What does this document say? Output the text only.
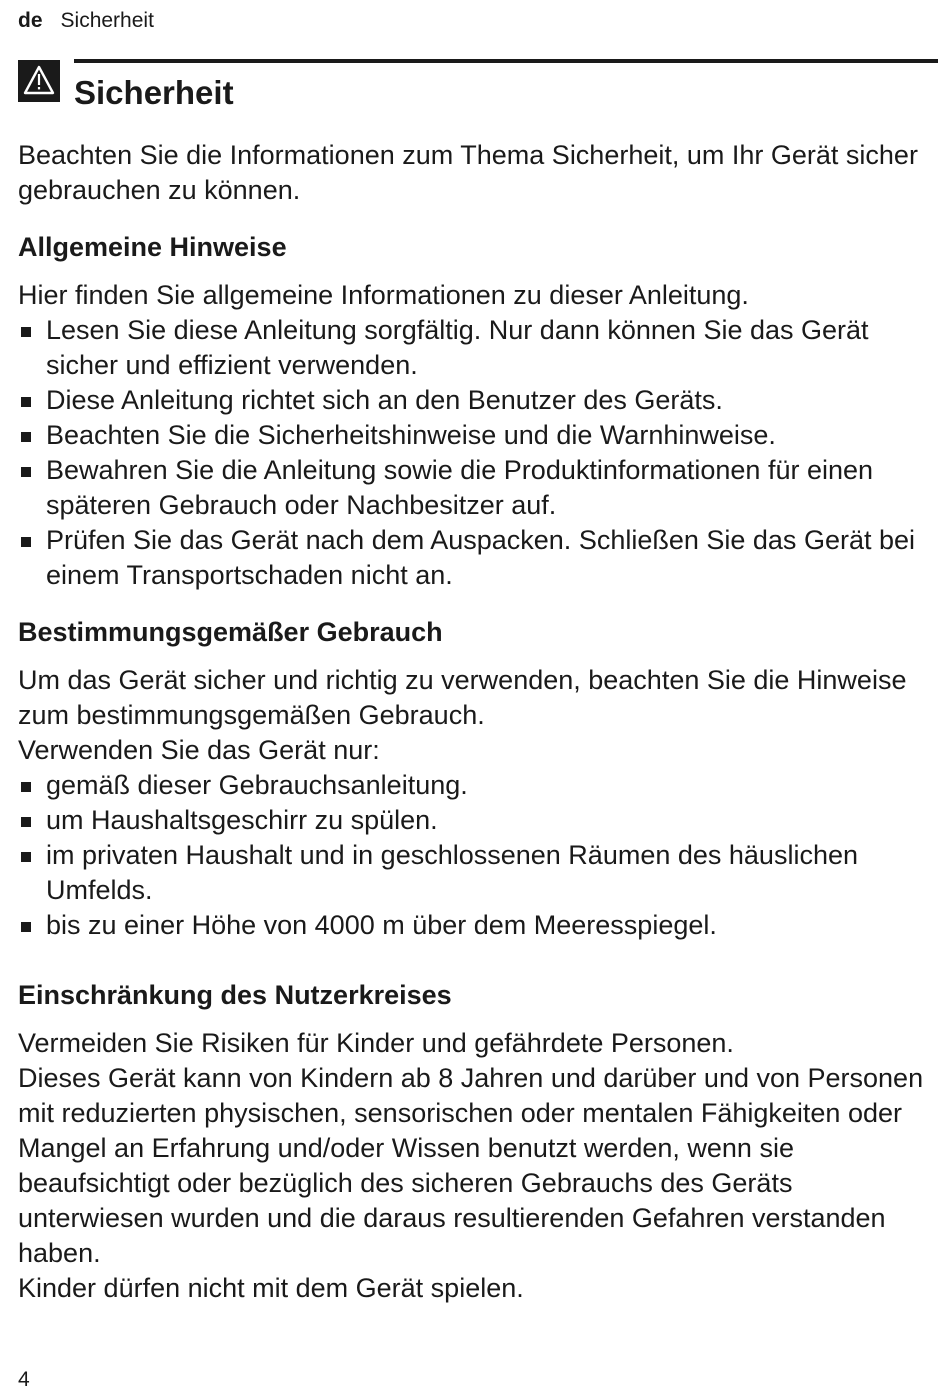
de Sicherheit
Sicherheit

Beachten Sie die Informationen zum Thema Sicherheit, um Ihr Gerät sicher gebrauchen zu können.

Allgemeine Hinweise

Hier finden Sie allgemeine Informationen zu dieser Anleitung.

Lesen Sie diese Anleitung sorgfältig. Nur dann können Sie das Gerät sicher und effizient verwenden.
Diese Anleitung richtet sich an den Benutzer des Geräts.
Beachten Sie die Sicherheitshinweise und die Warnhinweise.
Bewahren Sie die Anleitung sowie die Produktinformationen für einen späteren Gebrauch oder Nachbesitzer auf.
Prüfen Sie das Gerät nach dem Auspacken. Schließen Sie das Gerät bei einem Transportschaden nicht an.
Bestimmungsgemäßer Gebrauch

Um das Gerät sicher und richtig zu verwenden, beachten Sie die Hinweise zum bestimmungsgemäßen Gebrauch.

Verwenden Sie das Gerät nur:

gemäß dieser Gebrauchsanleitung.
um Haushaltsgeschirr zu spülen.
im privaten Haushalt und in geschlossenen Räumen des häuslichen Umfelds.
bis zu einer Höhe von 4000 m über dem Meeresspiegel.
Einschränkung des Nutzerkreises

Vermeiden Sie Risiken für Kinder und gefährdete Personen.

Dieses Gerät kann von Kindern ab 8 Jahren und darüber und von Personen mit reduzierten physischen, sensorischen oder mentalen Fähigkeiten oder Mangel an Erfahrung und/oder Wissen benutzt werden, wenn sie beaufsichtigt oder bezüglich des sicheren Gebrauchs des Geräts unterwiesen wurden und die daraus resultierenden Gefahren verstanden haben.

Kinder dürfen nicht mit dem Gerät spielen.

4
